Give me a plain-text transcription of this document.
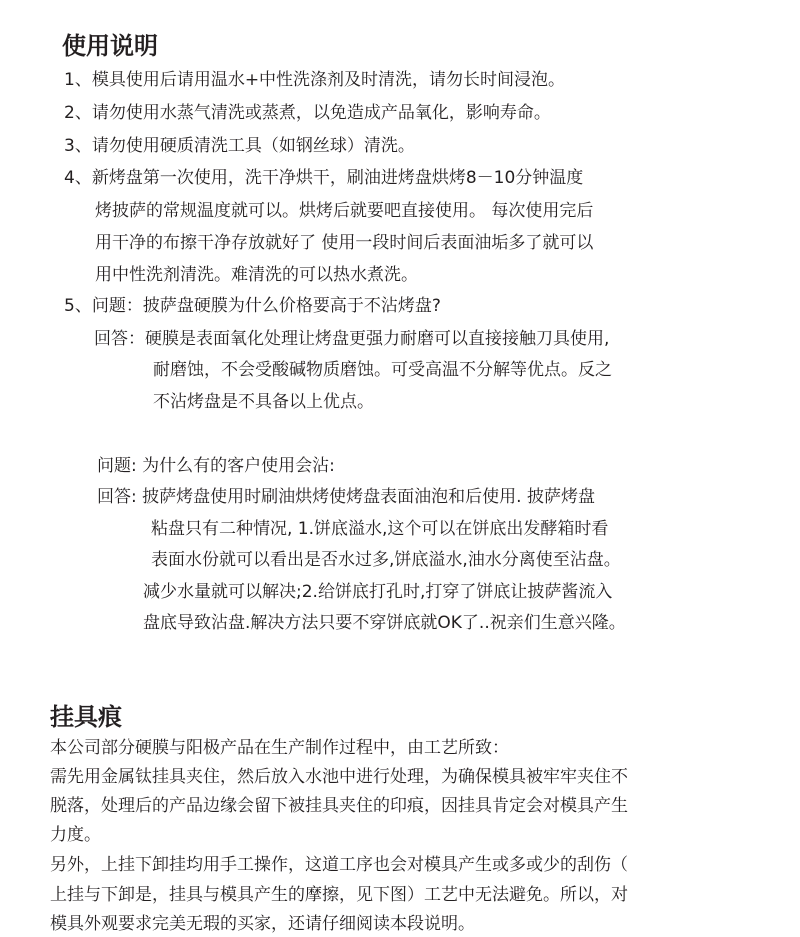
使用说明
1、模具使用后请用温水+中性洗涤剂及时清洗，请勿长时间浸泡。
2、请勿使用水蒸气清洗或蒸煮，以免造成产品氧化，影响寿命。
3、请勿使用硬质清洗工具（如钢丝球）清洗。
4、新烤盘第一次使用，洗干净烘干，刷油进烤盘烘烤8－10分钟温度
烤披萨的常规温度就可以。烘烤后就要吧直接使用。 每次使用完后
用干净的布擦干净存放就好了 使用一段时间后表面油垢多了就可以
用中性洗剂清洗。难清洗的可以热水煮洗。
5、问题：披萨盘硬膜为什么价格要高于不沾烤盘?
回答：硬膜是表面氧化处理让烤盘更强力耐磨可以直接接触刀具使用,
耐磨蚀，不会受酸碱物质磨蚀。可受高温不分解等优点。反之
不沾烤盘是不具备以上优点。
问题: 为什么有的客户使用会沾:
回答: 披萨烤盘使用时刷油烘烤使烤盘表面油泡和后使用. 披萨烤盘
粘盘只有二种情况, 1.饼底溢水,这个可以在饼底出发酵箱时看
表面水份就可以看出是否水过多,饼底溢水,油水分离使至沾盘。
减少水量就可以解决;2.给饼底打孔时,打穿了饼底让披萨酱流入
盘底导致沾盘.解决方法只要不穿饼底就OK了..祝亲们生意兴隆。
挂具痕
本公司部分硬膜与阳极产品在生产制作过程中，由工艺所致：
需先用金属钛挂具夹住，然后放入水池中进行处理，为确保模具被牢牢夹住不
脱落，处理后的产品边缘会留下被挂具夹住的印痕，因挂具肯定会对模具产生
力度。
另外，上挂下卸挂均用手工操作，这道工序也会对模具产生或多或少的刮伤（
上挂与下卸是，挂具与模具产生的摩擦，见下图）工艺中无法避免。所以，对
模具外观要求完美无瑕的买家，还请仔细阅读本段说明。
